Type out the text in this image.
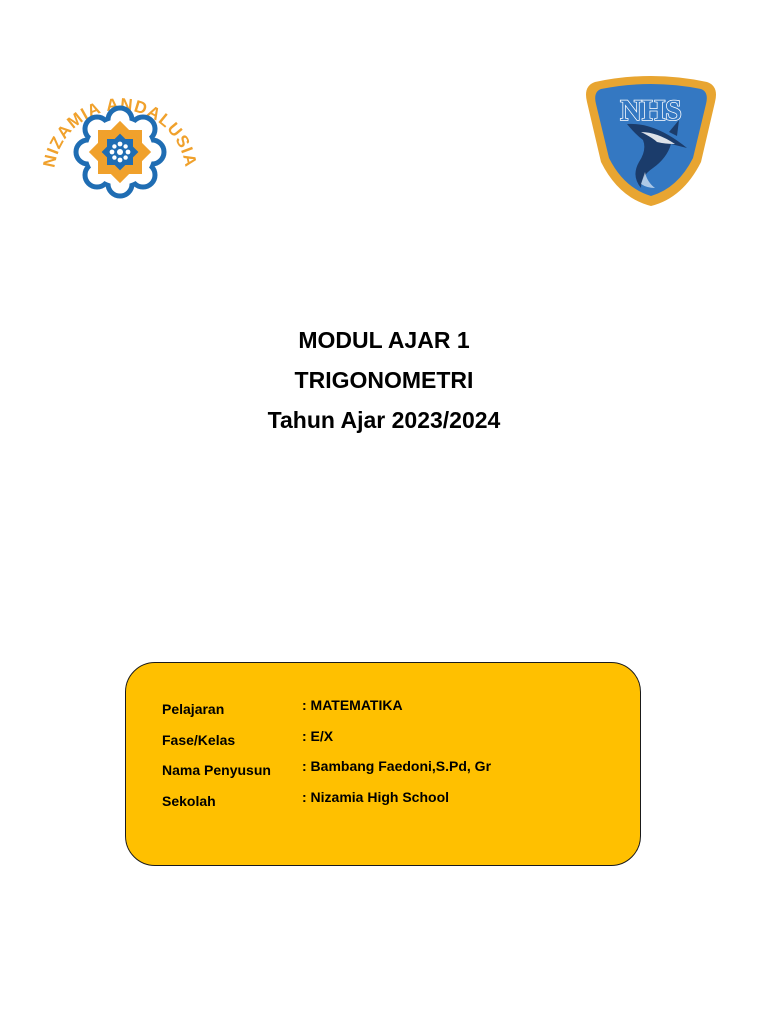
NIZAMIA ANDALUSIA
NHS
MODUL AJAR 1
TRIGONOMETRI
Tahun Ajar 2023/2024
Pelajaran	: MATEMATIKA
Fase/Kelas	: E/X
Nama Penyusun : Bambang Faedoni,S.Pd, Gr
Sekolah	: Nizamia High School
